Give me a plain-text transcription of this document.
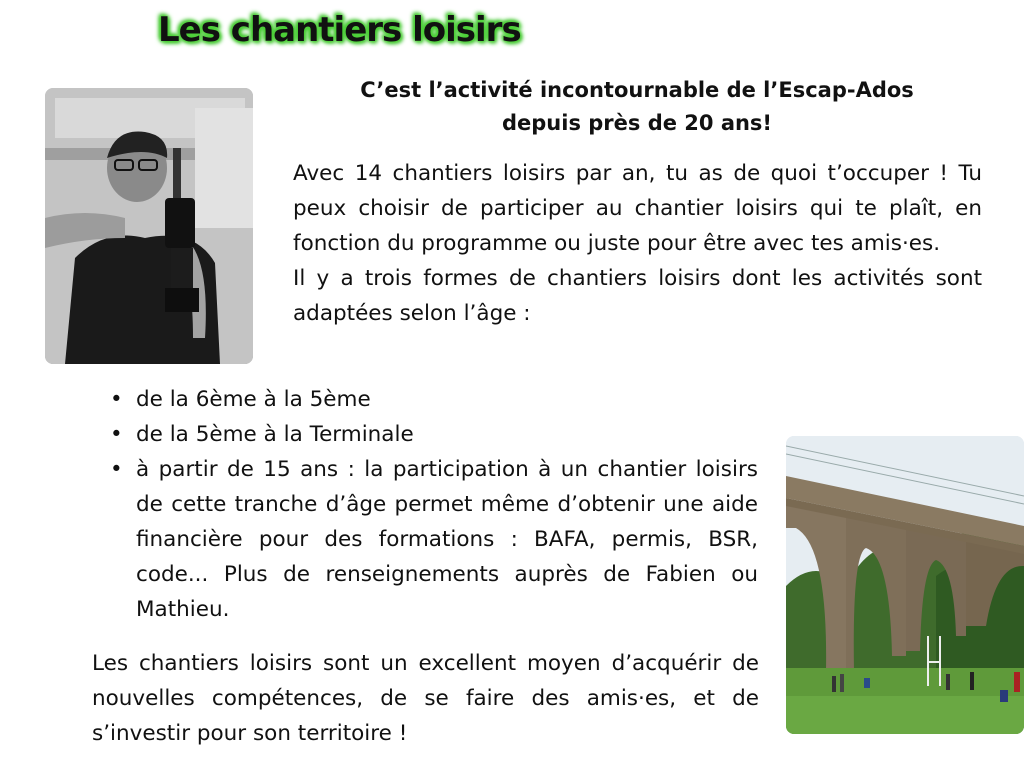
Les chantiers loisirs
C’est l’activité incontournable de l’Escap-Ados
depuis près de 20 ans!
Avec 14 chantiers loisirs par an, tu as de quoi t’occuper ! Tu peux choisir de participer au chantier loisirs qui te plaît, en fonction du programme ou juste pour être avec tes amis·es.
Il y a trois formes de chantiers loisirs dont les activités sont adaptées selon l’âge :
• de la 6ème à la 5ème
• de la 5ème à la Terminale
• à partir de 15 ans : la participation à un chantier loisirs de cette tranche d’âge permet même d’obtenir une aide financière pour des formations : BAFA, permis, BSR, code... Plus de renseignements auprès de Fabien ou Mathieu.
Les chantiers loisirs sont un excellent moyen d’acquérir de nouvelles compétences, de se faire des amis·es, et de s’investir pour son territoire !
